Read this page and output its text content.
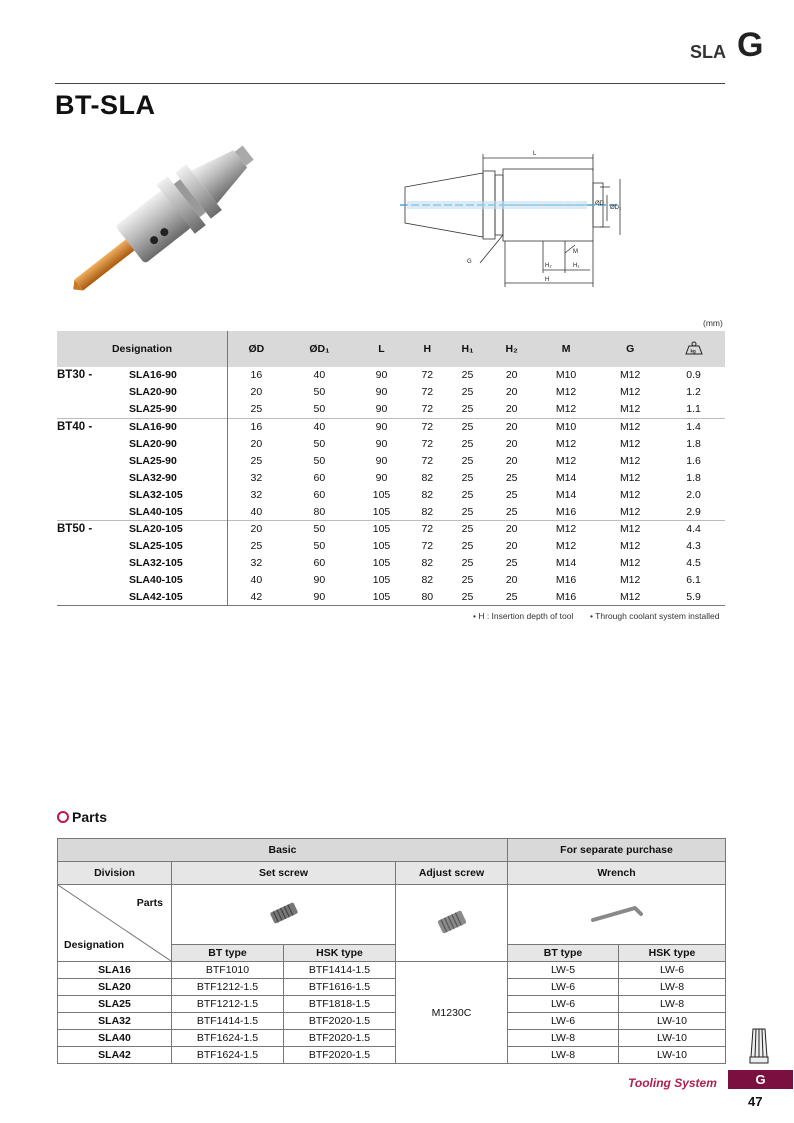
SLA G
BT-SLA
L
ØD
ØD₁
G
M
H₂	H₁
H
(mm)
Designation		ØD	ØD₁	L	H	H₁	H₂	M	G	kg

BT30 -	SLA16-90	16	40	90	72	25	20	M10	M12	0.9
	SLA20-90	20	50	90	72	25	20	M12	M12	1.2
	SLA25-90	25	50	90	72	25	20	M12	M12	1.1
BT40 -	SLA16-90	16	40	90	72	25	20	M10	M12	1.4
	SLA20-90	20	50	90	72	25	20	M12	M12	1.8
	SLA25-90	25	50	90	72	25	20	M12	M12	1.6
	SLA32-90	32	60	90	82	25	25	M14	M12	1.8
	SLA32-105	32	60	105	82	25	25	M14	M12	2.0
	SLA40-105	40	80	105	82	25	25	M16	M12	2.9
BT50 -	SLA20-105	20	50	105	72	25	20	M12	M12	4.4
	SLA25-105	25	50	105	72	25	20	M12	M12	4.3
	SLA32-105	32	60	105	82	25	25	M14	M12	4.5
	SLA40-105	40	90	105	82	25	20	M16	M12	6.1
	SLA42-105	42	90	105	80	25	25	M16	M12	5.9
• H : Insertion depth of tool • Through coolant system installed
Parts
Basic				For separate purchase	
Division	Set screw		Adjust screw	Wrench	

Parts
Designation

	BT type	HSK type		BT type	HSK type
SLA16	BTF1010	BTF1414-1.5	M1230C	LW-5	LW-6
SLA20	BTF1212-1.5	BTF1616-1.5		LW-6	LW-8
SLA25	BTF1212-1.5	BTF1818-1.5		LW-6	LW-8
SLA32	BTF1414-1.5	BTF2020-1.5		LW-6	LW-10
SLA40	BTF1624-1.5	BTF2020-1.5		LW-8	LW-10
SLA42	BTF1624-1.5	BTF2020-1.5		LW-8	LW-10
Tooling System	G
47
